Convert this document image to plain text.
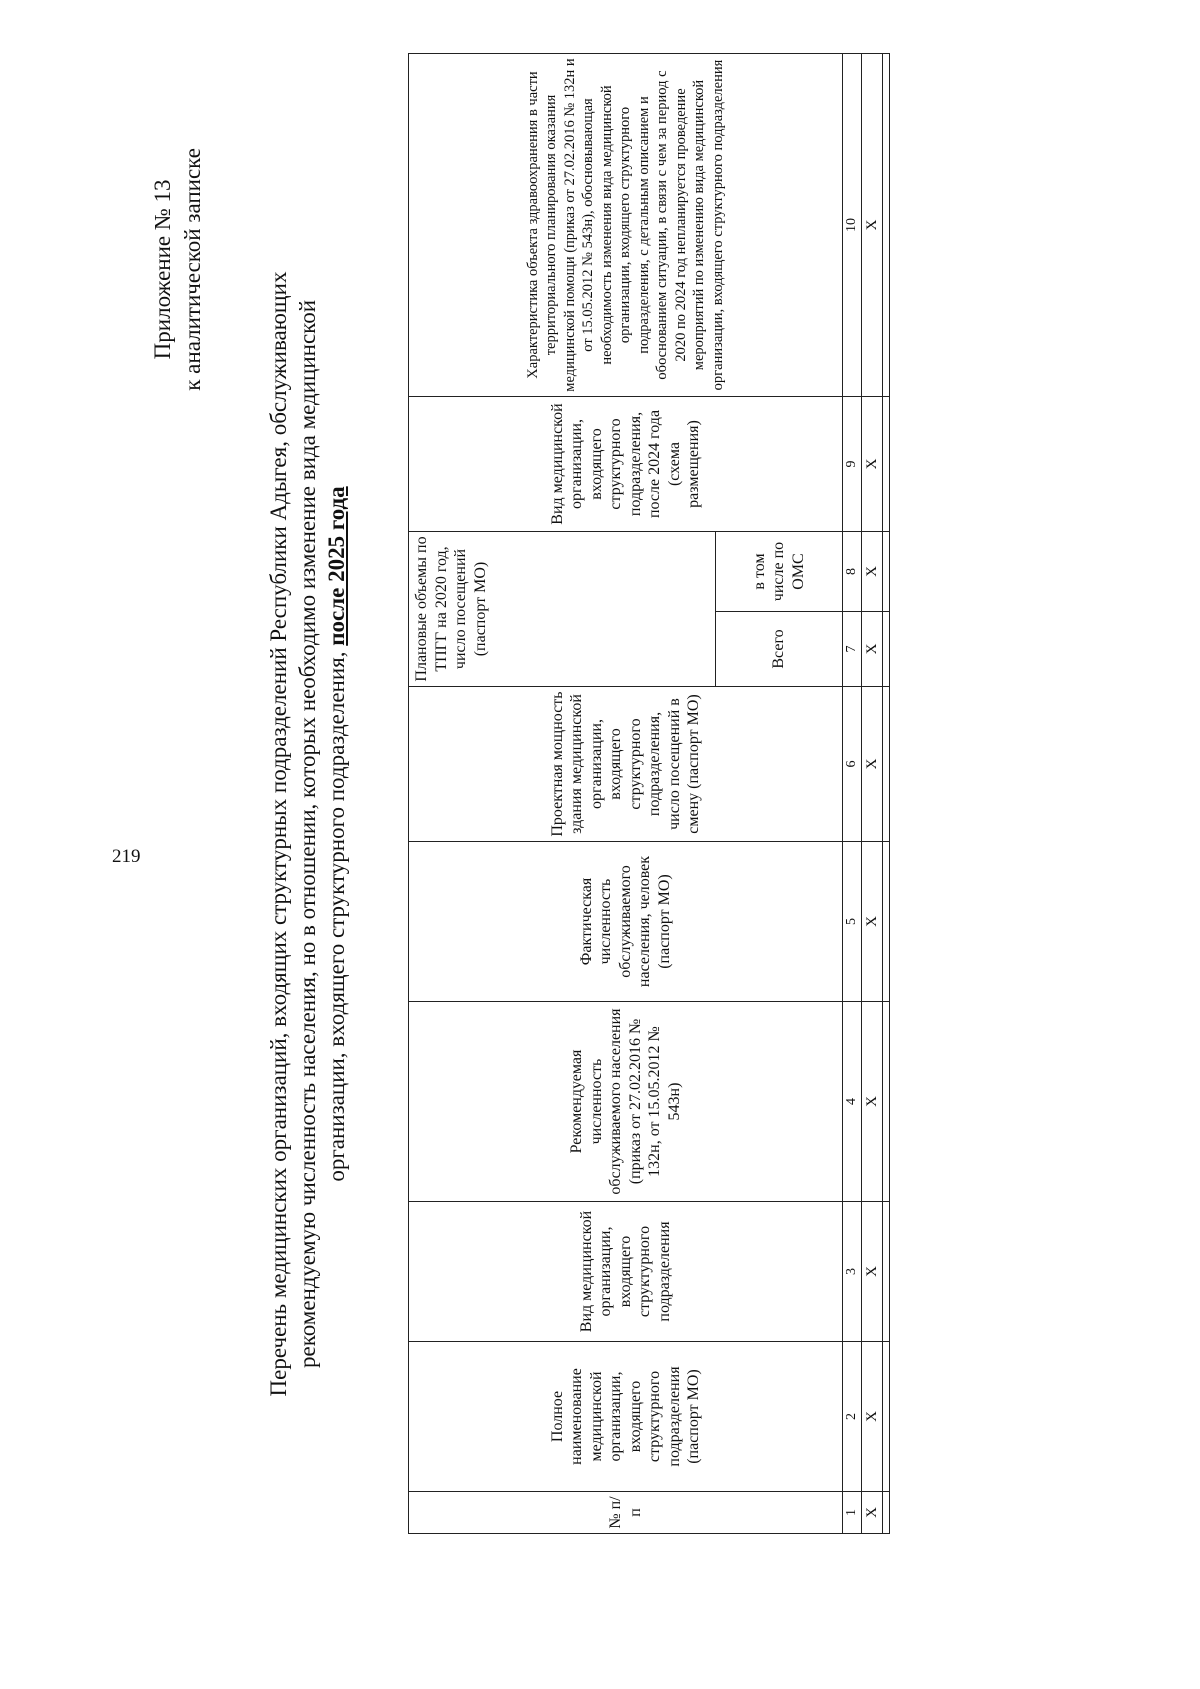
219
Приложение № 13 к аналитической записке
Перечень медицинских организаций, входящих структурных подразделений Республики Адыгея, обслуживающих рекомендуемую численность населения, но в отношении, которых необходимо изменение вида медицинской организации, входящего структурного подразделения, после 2025 года
№ п/п	Полное наименование медицинской организации, входящего структурного подразделения (паспорт МО)	Вид медицинской организации, входящего структурного подразделения	Рекомендуемая численность обслуживаемого населения (приказ от 27.02.2016 № 132н, от 15.05.2012 № 543н)	Фактическая численность обслуживаемого населения, человек (паспорт МО)	Проектная мощность здания медицинской организации, входящего структурного подразделения, число посещений в смену (паспорт МО)	Плановые объемы по ТПГГ на 2020 год, число посещений (паспорт МО)		Вид медицинской организации, входящего структурного подразделения, после 2024 года (схема размещения)	Характеристика объекта здравоохранения в части территориального планирования оказания медицинской помощи (приказ от 27.02.2016 № 132н и от 15.05.2012 № 543н), обосновывающая необходимость изменения вида медицинской организации, входящего структурного подразделения, с детальным описанием и обоснованием ситуации, в связи с чем за период с 2020 по 2024 год непланируется проведение мероприятий по изменению вида медицинской организации, входящего структурного подразделения
						Всего	в том числе по ОМС		
1	2	3	4	5	6	7	8	9	10
X	X	X	X	X	X	X	X	X	X
